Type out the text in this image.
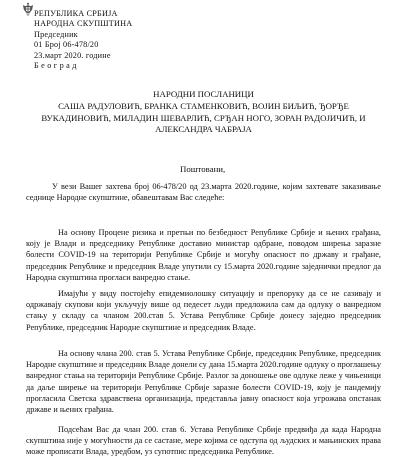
РЕПУБЛИКА СРБИЈА
НАРОДНА СКУПШТИНА
Председник
01 Број 06-478/20
23.март 2020. године
Б е о г р а д
НАРОДНИ ПОСЛАНИЦИ
САША РАДУЛОВИЋ, БРАНКА СТАМЕНКОВИЋ, ВОЈИН БИЉИЋ, ЂОРЂЕ ВУКАДИНОВИЋ, МИЛАДИН ШЕВАРЛИЋ, СРЂАН НОГО, ЗОРАН РАДОЈИЧИЋ, И АЛЕКСАНДРА ЧАБРАЈА
Поштовани,
У вези Вашег захтева број 06-478/20 од 23.марта 2020.године, којим захтевате заказивање седнице Народне скупштине, обавештавам Вас следеће:
На основу Процене ризика и претњи по безбедност Републике Србије и њених грађана, коју је Влади и председнику Републике доставио министар одбране, поводом ширења заразне болести COVID-19 на територији Републике Србије и могућу опасност по државу и грађане, председник Републике и председник Владе упутили су 15.марта 2020.године заједнички предлог да Народна скупштина прогласи ванредно стање.
Имајући у виду постојећу епидемиолошку ситуацију и препоруку да се не сазивају и одржавају скупови који укључују више од педесет људи предложила сам да одлуку о ванредном стању у складу са чланом 200.став 5. Устава Републике Србије донесу заједно председник Републике, председник Народне скупштине и председник Владе.
На основу члана 200. став 5. Устава Републике Србије, председник Републике, председник Народне скупштине и председник Владе донели су дана 15.марта 2020.године одлуку о проглашењу ванредног стања на територији Републике Србије. Разлог за доношење ове одлуке леже у чињеници да даље ширење на територији Републике Србије заразне болести COVID-19, коју је пандемију прогласила Светска здравствена организација, представља јавну опасност која угрожава опстанак државе и њених грађана.
Подсећам Вас да члан 200. став 6. Устава Републике Србије предвиђа да када Народна скупштина није у могућности да се састане, мере којима се одступа од људских и мањинских права може прописати Влада, уредбом, уз супотпис председника Републике.
